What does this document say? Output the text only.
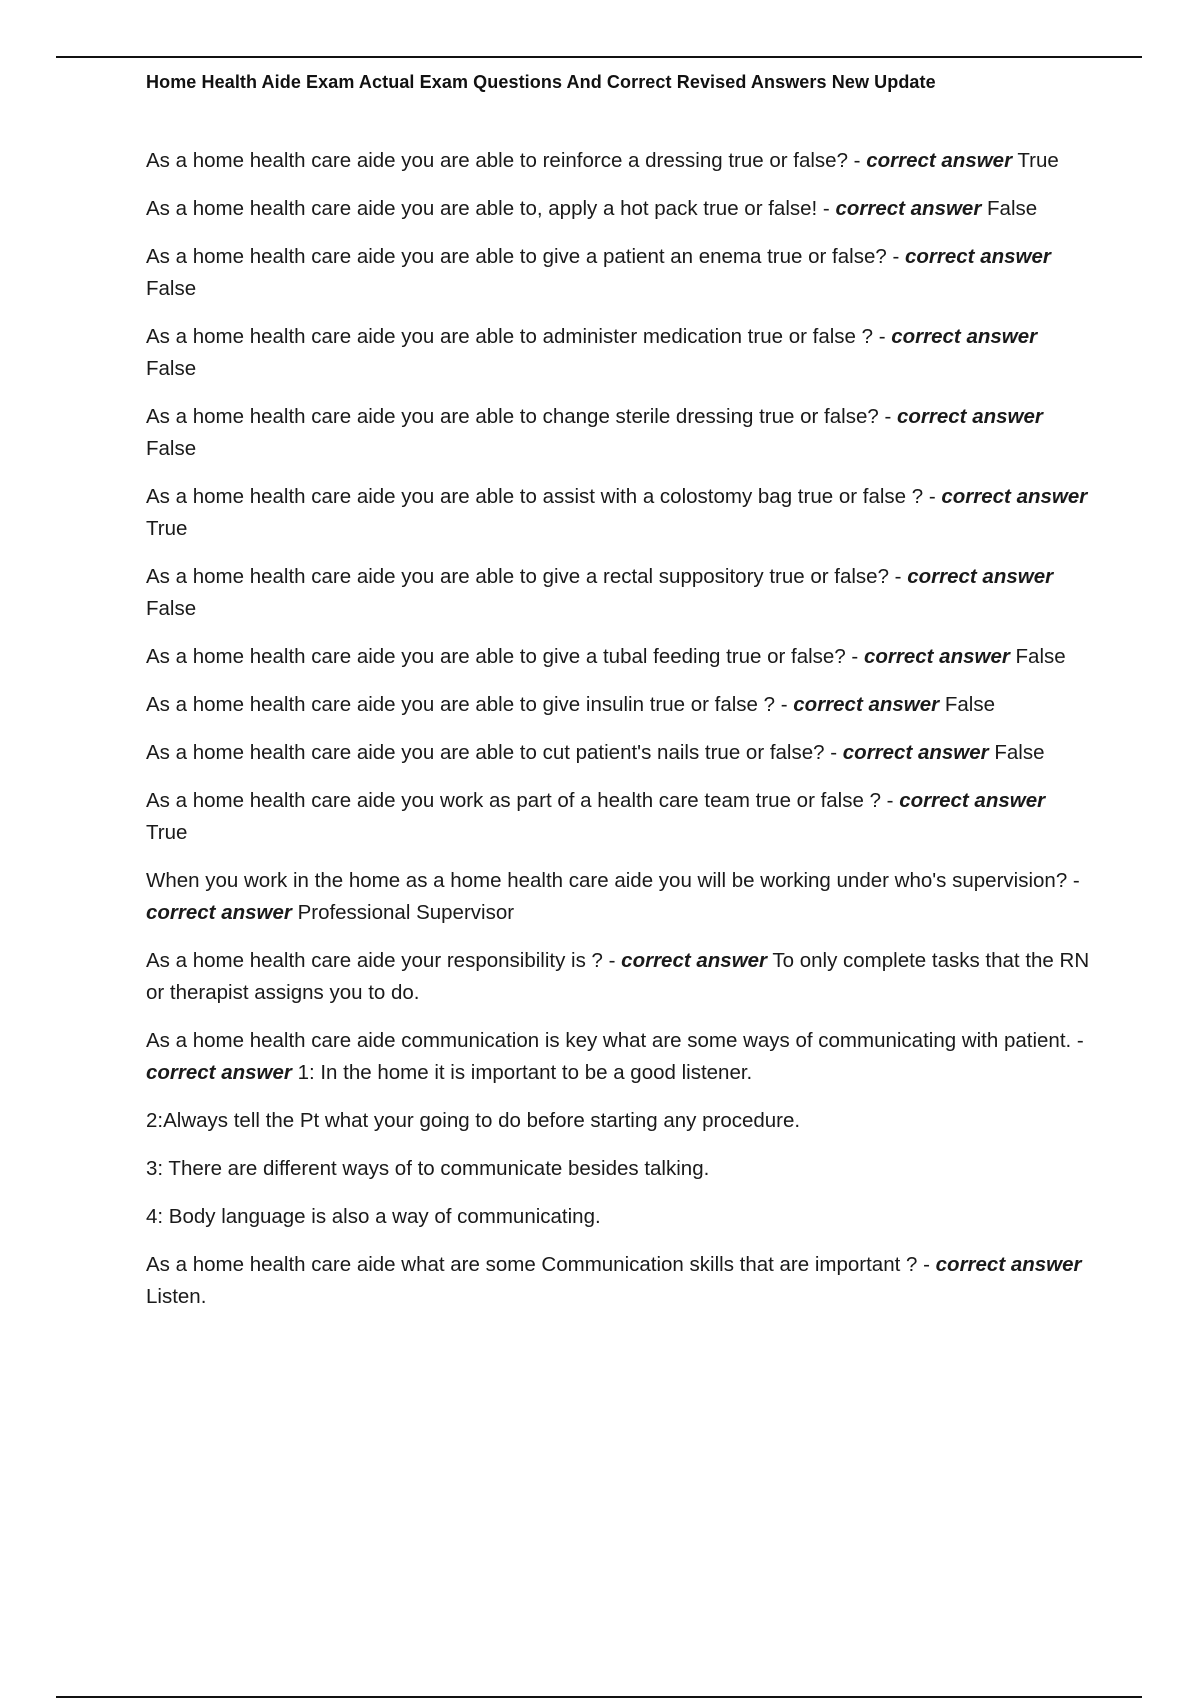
Home Health Aide Exam Actual Exam Questions And Correct Revised Answers New Update

As a home health care aide you are able to reinforce a dressing true or false? - correct answer True

As a home health care aide you are able to, apply a hot pack true or false! - correct answer False

As a home health care aide you are able to give a patient an enema true or false? - correct answer False

As a home health care aide you are able to administer medication true or false ? - correct answer False

As a home health care aide you are able to change sterile dressing true or false? - correct answer False

As a home health care aide you are able to assist with a colostomy bag true or false ? - correct answer True

As a home health care aide you are able to give a rectal suppository true or false? - correct answer False

As a home health care aide you are able to give a tubal feeding true or false? - correct answer False

As a home health care aide you are able to give insulin true or false ? - correct answer False

As a home health care aide you are able to cut patient's nails true or false? - correct answer False

As a home health care aide you work as part of a health care team true or false ? - correct answer True

When you work in the home as a home health care aide you will be working under who's supervision? - correct answer Professional Supervisor

As a home health care aide your responsibility is ? - correct answer To only complete tasks that the RN or therapist assigns you to do.

As a home health care aide communication is key what are some ways of communicating with patient. - correct answer 1: In the home it is important to be a good listener.

2:Always tell the Pt what your going to do before starting any procedure.

3: There are different ways of to communicate besides talking.

4: Body language is also a way of communicating.

As a home health care aide what are some Communication skills that are important ? - correct answer Listen.
